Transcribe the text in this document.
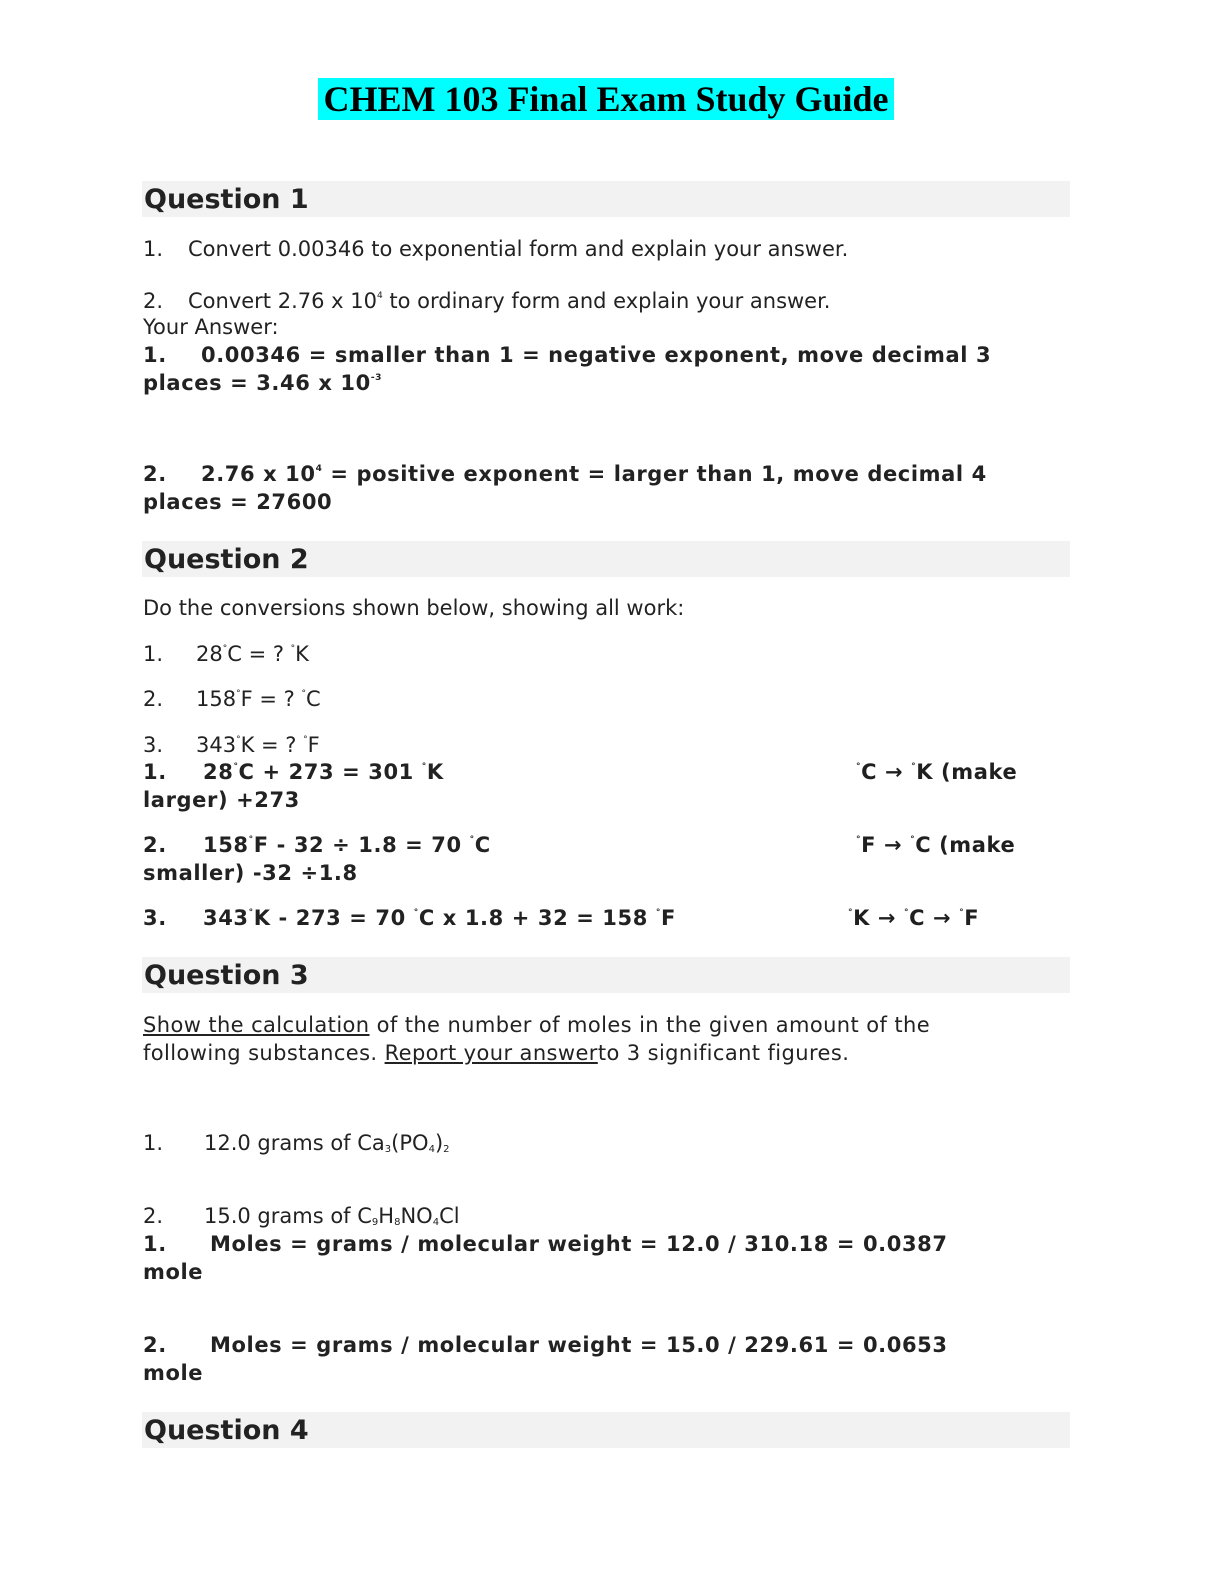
CHEM 103 Final Exam Study Guide
Question 1
1. Convert 0.00346 to exponential form and explain your answer.
2. Convert 2.76 x $10^4$ to ordinary form and explain your answer.
Your Answer:
1. 0.00346 = smaller than 1 = negative exponent, move decimal 3
places = 3.46 x $10^{-3}$
2. 2.76 x $10^4$ = positive exponent = larger than 1, move decimal 4
places = 27600
Question 2
Do the conversions shown below, showing all work:
1. 28°C = ? °K
2. 158°F = ? °C
3. 343°K = ? °F
1. 28°C + 273 = 301 °K	°C → °K (make
larger) +273
2. 158°F - 32 ÷ 1.8 = 70 °C	°F → °C (make
smaller) -32 ÷1.8
3. 343°K - 273 = 70 °C x 1.8 + 32 = 158 °F	°K → °C → °F
Question 3
Show the calculation of the number of moles in the given amount of the
following substances. Report your answerto 3 significant figures.
1. 12.0 grams of $Ca_3(PO_4)_2$
2. 15.0 grams of $C_9H_8NO_4Cl$
1. Moles = grams / molecular weight = 12.0 / 310.18 = 0.0387
mole
2. Moles = grams / molecular weight = 15.0 / 229.61 = 0.0653
mole
Question 4
